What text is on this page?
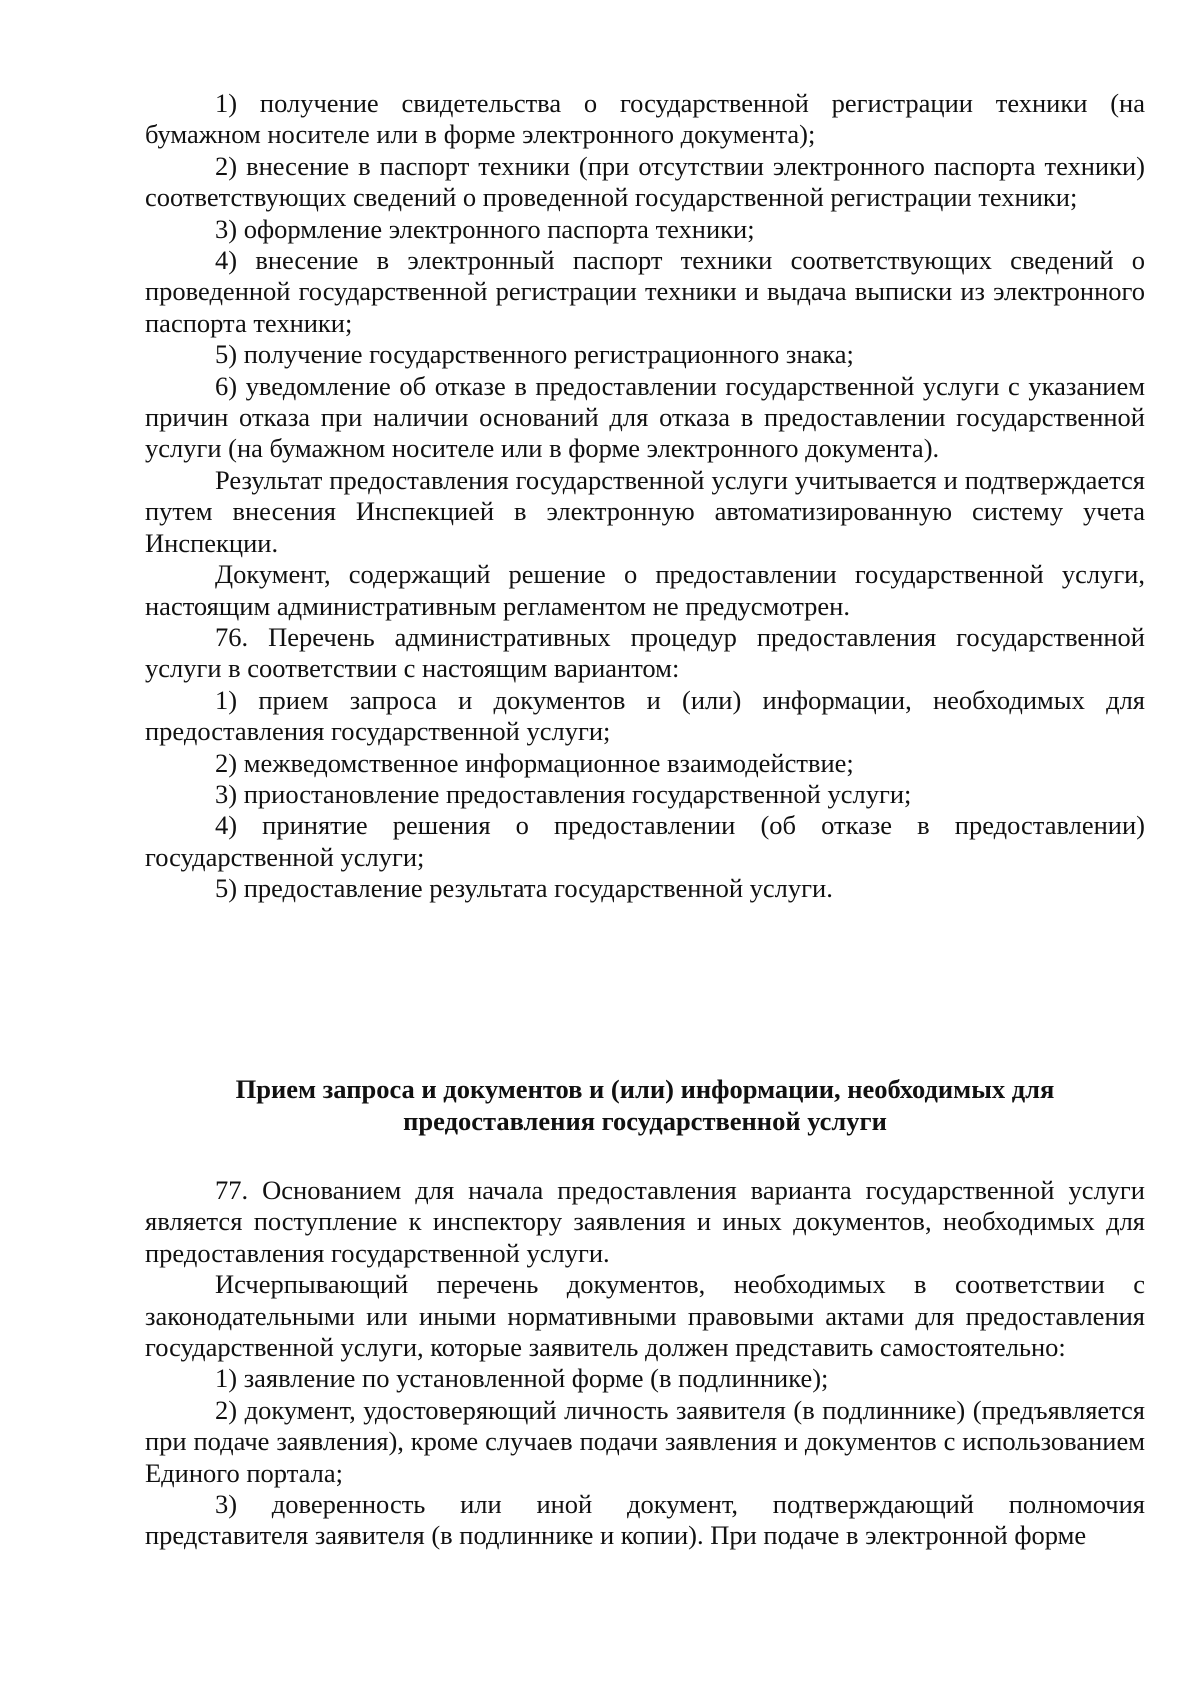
1) получение свидетельства о государственной регистрации техники (на бумажном носителе или в форме электронного документа);

2) внесение в паспорт техники (при отсутствии электронного паспорта техники) соответствующих сведений о проведенной государственной регистрации техники;

3) оформление электронного паспорта техники;

4) внесение в электронный паспорт техники соответствующих сведений о проведенной государственной регистрации техники и выдача выписки из электронного паспорта техники;

5) получение государственного регистрационного знака;

6) уведомление об отказе в предоставлении государственной услуги с указанием причин отказа при наличии оснований для отказа в предоставлении государственной услуги (на бумажном носителе или в форме электронного документа).

Результат предоставления государственной услуги учитывается и подтверждается путем внесения Инспекцией в электронную автоматизированную систему учета Инспекции.

Документ, содержащий решение о предоставлении государственной услуги, настоящим административным регламентом не предусмотрен.

76. Перечень административных процедур предоставления государственной услуги в соответствии с настоящим вариантом:

1) прием запроса и документов и (или) информации, необходимых для предоставления государственной услуги;

2) межведомственное информационное взаимодействие;

3) приостановление предоставления государственной услуги;

4) принятие решения о предоставлении (об отказе в предоставлении) государственной услуги;

5) предоставление результата государственной услуги.

Прием запроса и документов и (или) информации, необходимых для предоставления государственной услуги

77. Основанием для начала предоставления варианта государственной услуги является поступление к инспектору заявления и иных документов, необходимых для предоставления государственной услуги.

Исчерпывающий перечень документов, необходимых в соответствии с законодательными или иными нормативными правовыми актами для предоставления государственной услуги, которые заявитель должен представить самостоятельно:

1) заявление по установленной форме (в подлиннике);

2) документ, удостоверяющий личность заявителя (в подлиннике) (предъявляется при подаче заявления), кроме случаев подачи заявления и документов с использованием Единого портала;

3) доверенность или иной документ, подтверждающий полномочия представителя заявителя (в подлиннике и копии). При подаче в электронной форме
